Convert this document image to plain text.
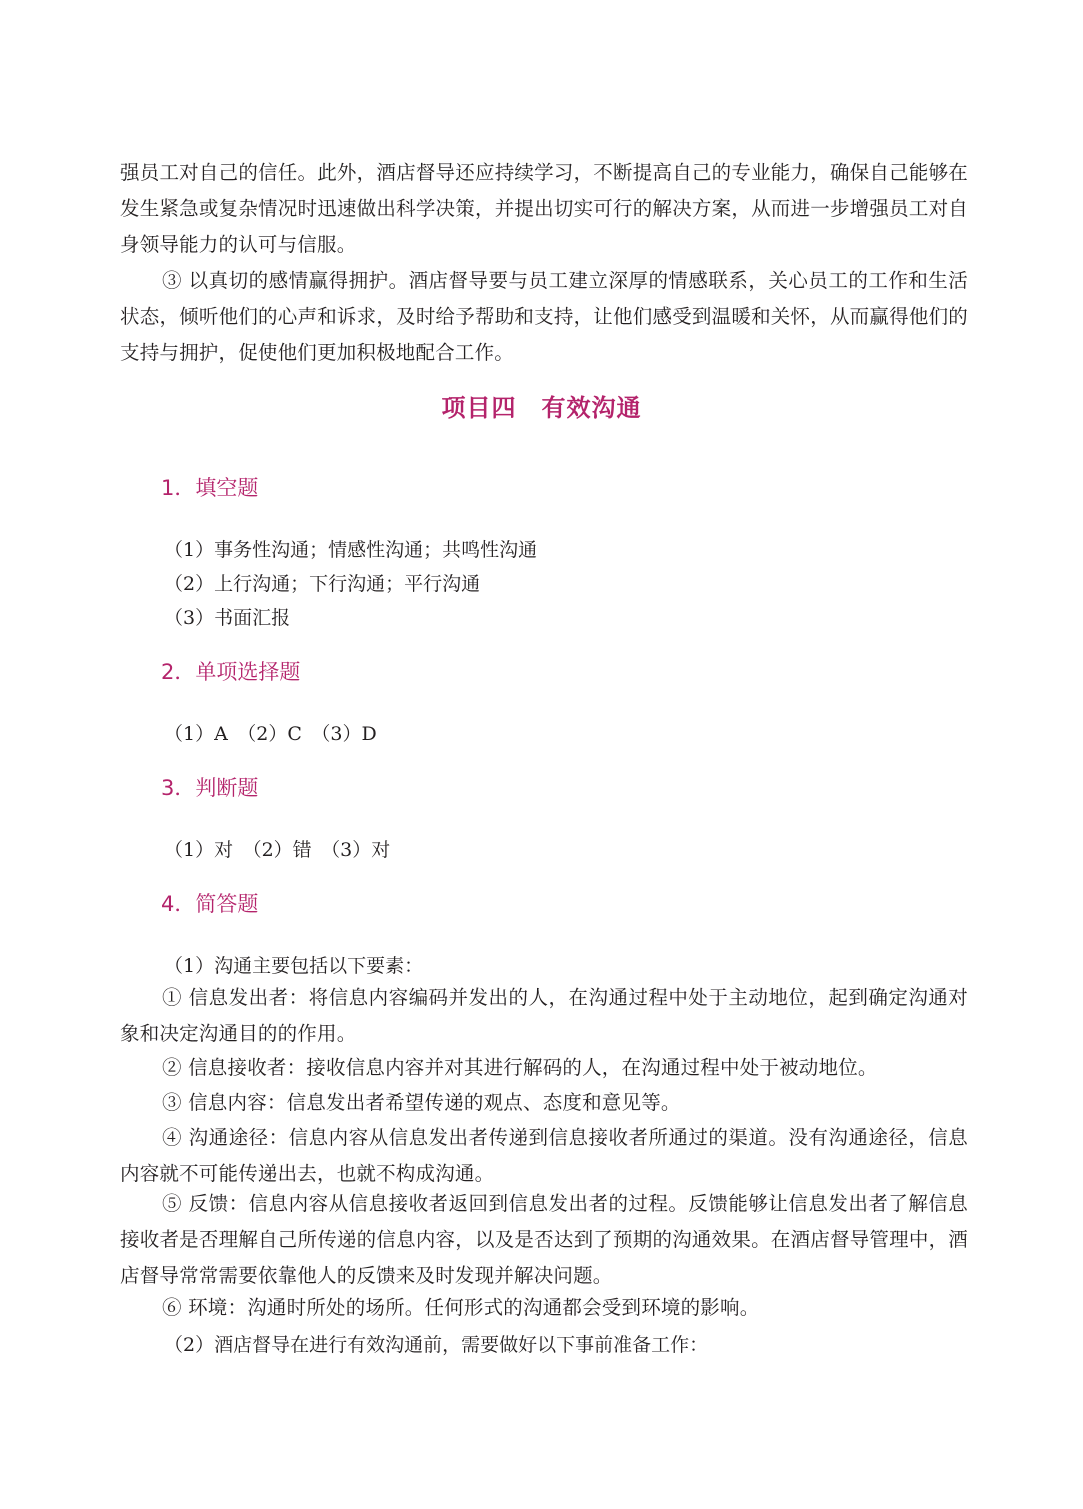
强员工对自己的信任。此外，酒店督导还应持续学习，不断提高自己的专业能力，确保自己能够在发生紧急或复杂情况时迅速做出科学决策，并提出切实可行的解决方案，从而进一步增强员工对自身领导能力的认可与信服。

③ 以真切的感情赢得拥护。酒店督导要与员工建立深厚的情感联系，关心员工的工作和生活状态，倾听他们的心声和诉求，及时给予帮助和支持，让他们感受到温暖和关怀，从而赢得他们的支持与拥护，促使他们更加积极地配合工作。

项目四　有效沟通
1．填空题
（1）事务性沟通；情感性沟通；共鸣性沟通
（2）上行沟通；下行沟通；平行沟通
（3）书面汇报
2．单项选择题
（1）A　（2）C　（3）D
3．判断题
（1）对　（2）错　（3）对
4．简答题
（1）沟通主要包括以下要素：

① 信息发出者：将信息内容编码并发出的人，在沟通过程中处于主动地位，起到确定沟通对象和决定沟通目的的作用。

② 信息接收者：接收信息内容并对其进行解码的人，在沟通过程中处于被动地位。

③ 信息内容：信息发出者希望传递的观点、态度和意见等。

④ 沟通途径：信息内容从信息发出者传递到信息接收者所通过的渠道。没有沟通途径，信息内容就不可能传递出去，也就不构成沟通。

⑤ 反馈：信息内容从信息接收者返回到信息发出者的过程。反馈能够让信息发出者了解信息接收者是否理解自己所传递的信息内容，以及是否达到了预期的沟通效果。在酒店督导管理中，酒店督导常常需要依靠他人的反馈来及时发现并解决问题。

⑥ 环境：沟通时所处的场所。任何形式的沟通都会受到环境的影响。

（2）酒店督导在进行有效沟通前，需要做好以下事前准备工作：
